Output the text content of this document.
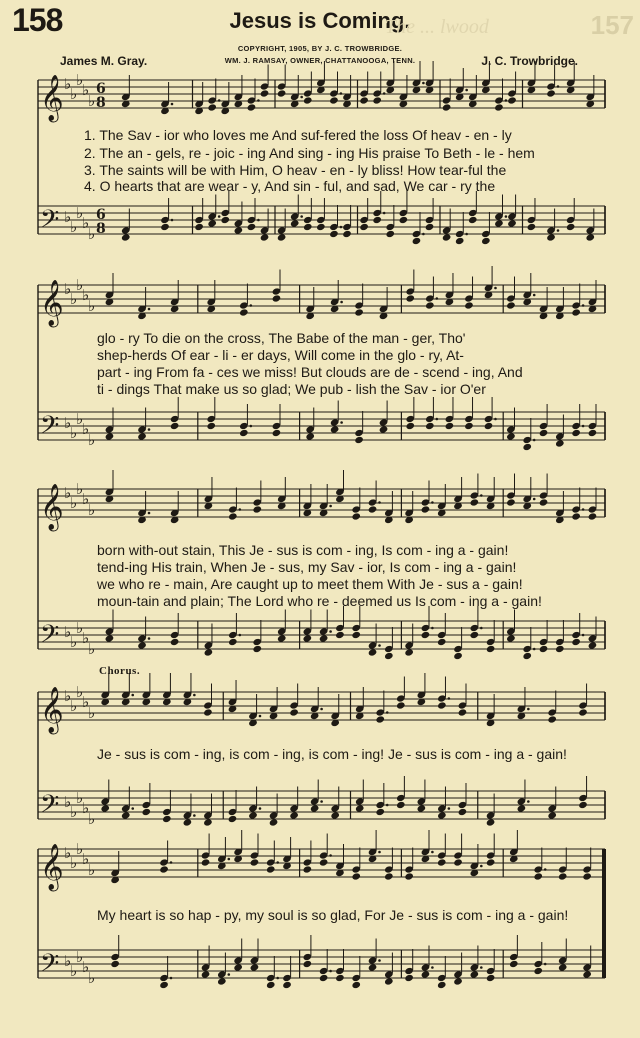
158	Jesus is Coming.
The ... lwood	157
COPYRIGHT, 1905, BY J. C. TROWBRIDGE.
WM. J. RAMSAY, OWNER, CHATTANOOGA, TENN.
James M. Gray.	J. C. Trowbridge.
𝄞
𝄢
♭
♭
♭
♭
♭
♭
♭
♭
♭
♭
6
8
6
8
𝄞
𝄢
♭
♭
♭
♭
♭
♭
♭
♭
♭
♭
𝄞
𝄢
♭
♭
♭
♭
♭
♭
♭
♭
♭
♭
𝄞
𝄢
♭
♭
♭
♭
♭
♭
♭
♭
♭
♭
𝄞
𝄢
♭
♭
♭
♭
♭
♭
♭
♭
♭
♭
1. The Sav - ior who loves me And suf-fered the loss Of heav - en - ly
2. The an - gels, re - joic - ing And sing - ing His praise To Beth - le - hem
3. The saints will be with Him, O heav - en - ly bliss! How tear-ful the
4. O hearts that are wear - y, And sin - ful, and sad, We car - ry the
glo - ry To die on the cross, The Babe of the man - ger, Tho'
shep-herds Of ear - li - er days, Will come in the glo - ry, At-
part - ing From fa - ces we miss! But clouds are de - scend - ing, And
ti - dings That make us so glad; We pub - lish the Sav - ior O'er
born with-out stain, This Je - sus is com - ing, Is com - ing a - gain!
tend-ing His train, When Je - sus, my Sav - ior, Is com - ing a - gain!
we who re - main, Are caught up to meet them With Je - sus a - gain!
moun-tain and plain; The Lord who re - deemed us Is com - ing a - gain!
Chorus.
Je - sus is com - ing, is com - ing, is com - ing! Je - sus is com - ing a - gain!
My heart is so hap - py, my soul is so glad, For Je - sus is com - ing a - gain!
